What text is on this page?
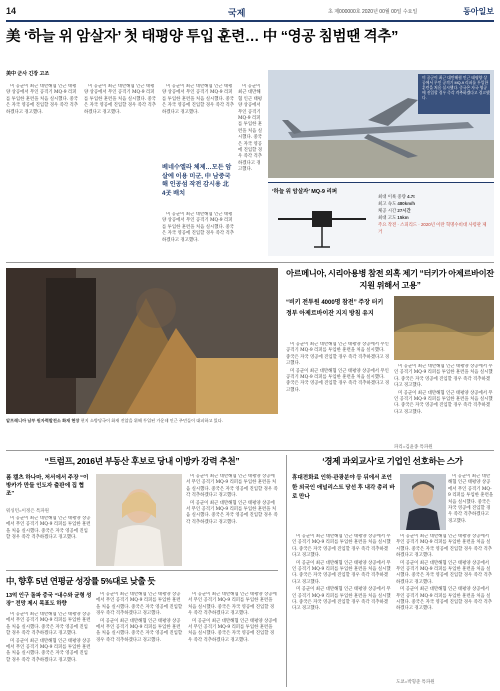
14	국제	초 제000000호 2020년 00월 00일 수요일	동아일보
美 ‘하늘 위 암살자’ 첫 태평양 투입 훈련… 中 “영공 침범땐 격추”
美中 군사 긴장 고조

미 공군이 최근 대만해협 인근 태평양 상공에서 무인 공격기 MQ-9 리퍼를 투입한 훈련을 처음 실시했다. 중국은 자국 영공에 진입할 경우 즉각 격추하겠다고 경고했다.

미 공군이 최근 대만해협 인근 태평양 상공에서 무인 공격기 MQ-9 리퍼를 투입한 훈련을 처음 실시했다. 중국은 자국 영공에 진입할 경우 즉각 격추하겠다고 경고했다.

미 공군이 최근 대만해협 인근 태평양 상공에서 무인 공격기 MQ-9 리퍼를 투입한 훈련을 처음 실시했다. 중국은 자국 영공에 진입할 경우 즉각 격추하겠다고 경고했다.

베네수엘라 체제…모든 암살에 이용 미군, 中 남중국해 인공섬 작전 감시용 北 4곳 배치

미 공군이 최근 대만해협 인근 태평양 상공에서 무인 공격기 MQ-9 리퍼를 투입한 훈련을 처음 실시했다. 중국은 자국 영공에 진입할 경우 즉각 격추하겠다고 경고했다.

미 공군이 최근 대만해협 인근 태평양 상공에서 무인 공격기 MQ-9 리퍼를 투입한 훈련을 처음 실시했다. 중국은 자국 영공에 진입할 경우 즉각 격추하겠다고 경고했다.

미 공군이 최근 대만해협 인근 태평양 상공에서 무인 공격기 MQ-9 리퍼를 투입한 훈련을 처음 실시했다. 중국은 자국 영공에 진입할 경우 즉각 격추하겠다고 경고했다.
‘하늘 위 암살자’ MQ-9 리퍼
최대 이륙 중량 4.7t
최고 속도 480km/h
체공 시간 27시간
최대 고도 15km
주요 작전 · 스피리드 · 2020년 이란 혁명수비대 사령관 제거
알프레니아 남부 원자력발전소 화재 현장 현지 소방당국이 화재 진압을 위해 투입된 가운데 인근 주민들이 대피하고 있다.
아르메니아, 시리아용병 참전 의혹 제기 “터키가 아제르바이잔 지원 위해서 고용”
“비키 전투원 4000명 참전” 주장 터키 정부 아제르바이잔 지지 방침 유지

미 공군이 최근 대만해협 인근 태평양 상공에서 무인 공격기 MQ-9 리퍼를 투입한 훈련을 처음 실시했다. 중국은 자국 영공에 진입할 경우 즉각 격추하겠다고 경고했다.

미 공군이 최근 대만해협 인근 태평양 상공에서 무인 공격기 MQ-9 리퍼를 투입한 훈련을 처음 실시했다. 중국은 자국 영공에 진입할 경우 즉각 격추하겠다고 경고했다.

미 공군이 최근 대만해협 인근 태평양 상공에서 무인 공격기 MQ-9 리퍼를 투입한 훈련을 처음 실시했다. 중국은 자국 영공에 진입할 경우 즉각 격추하겠다고 경고했다.

미 공군이 최근 대만해협 인근 태평양 상공에서 무인 공격기 MQ-9 리퍼를 투입한 훈련을 처음 실시했다. 중국은 자국 영공에 진입할 경우 즉각 격추하겠다고 경고했다.

파리=김윤종 특파원
“트럼프, 2016년 부동산 후보로 당내 이방카 강력 추천”
폼 캘츠 하나마, 저서에서 주장 “이방카가 만들 인도자 출판에 집 협조”
워싱턴=이정은 특파원

미 공군이 최근 대만해협 인근 태평양 상공에서 무인 공격기 MQ-9 리퍼를 투입한 훈련을 처음 실시했다. 중국은 자국 영공에 진입할 경우 즉각 격추하겠다고 경고했다.

미 공군이 최근 대만해협 인근 태평양 상공에서 무인 공격기 MQ-9 리퍼를 투입한 훈련을 처음 실시했다. 중국은 자국 영공에 진입할 경우 즉각 격추하겠다고 경고했다.

미 공군이 최근 대만해협 인근 태평양 상공에서 무인 공격기 MQ-9 리퍼를 투입한 훈련을 처음 실시했다. 중국은 자국 영공에 진입할 경우 즉각 격추하겠다고 경고했다.

中, 향후 5년 연평균 성장률 5%대로 낮출 듯
13억 인구 돌파 중국 “내수와 균형 성장” 전망 제시 목표도 하향

미 공군이 최근 대만해협 인근 태평양 상공에서 무인 공격기 MQ-9 리퍼를 투입한 훈련을 처음 실시했다. 중국은 자국 영공에 진입할 경우 즉각 격추하겠다고 경고했다.

미 공군이 최근 대만해협 인근 태평양 상공에서 무인 공격기 MQ-9 리퍼를 투입한 훈련을 처음 실시했다. 중국은 자국 영공에 진입할 경우 즉각 격추하겠다고 경고했다.

미 공군이 최근 대만해협 인근 태평양 상공에서 무인 공격기 MQ-9 리퍼를 투입한 훈련을 처음 실시했다. 중국은 자국 영공에 진입할 경우 즉각 격추하겠다고 경고했다.

미 공군이 최근 대만해협 인근 태평양 상공에서 무인 공격기 MQ-9 리퍼를 투입한 훈련을 처음 실시했다. 중국은 자국 영공에 진입할 경우 즉각 격추하겠다고 경고했다.

미 공군이 최근 대만해협 인근 태평양 상공에서 무인 공격기 MQ-9 리퍼를 투입한 훈련을 처음 실시했다. 중국은 자국 영공에 진입할 경우 즉각 격추하겠다고 경고했다.

미 공군이 최근 대만해협 인근 태평양 상공에서 무인 공격기 MQ-9 리퍼를 투입한 훈련을 처음 실시했다. 중국은 자국 영공에 진입할 경우 즉각 격추하겠다고 경고했다.

‘경제 과외교사’로 기업인 선호하는 스가
휴대전화료 인하·관광분야 등 뒤에서 조언한 외국인 애널리스트 당선 후 내각 총리 바로 만나

미 공군이 최근 대만해협 인근 태평양 상공에서 무인 공격기 MQ-9 리퍼를 투입한 훈련을 처음 실시했다. 중국은 자국 영공에 진입할 경우 즉각 격추하겠다고 경고했다.

미 공군이 최근 대만해협 인근 태평양 상공에서 무인 공격기 MQ-9 리퍼를 투입한 훈련을 처음 실시했다. 중국은 자국 영공에 진입할 경우 즉각 격추하겠다고 경고했다.

미 공군이 최근 대만해협 인근 태평양 상공에서 무인 공격기 MQ-9 리퍼를 투입한 훈련을 처음 실시했다. 중국은 자국 영공에 진입할 경우 즉각 격추하겠다고 경고했다.

미 공군이 최근 대만해협 인근 태평양 상공에서 무인 공격기 MQ-9 리퍼를 투입한 훈련을 처음 실시했다. 중국은 자국 영공에 진입할 경우 즉각 격추하겠다고 경고했다.

미 공군이 최근 대만해협 인근 태평양 상공에서 무인 공격기 MQ-9 리퍼를 투입한 훈련을 처음 실시했다. 중국은 자국 영공에 진입할 경우 즉각 격추하겠다고 경고했다.

미 공군이 최근 대만해협 인근 태평양 상공에서 무인 공격기 MQ-9 리퍼를 투입한 훈련을 처음 실시했다. 중국은 자국 영공에 진입할 경우 즉각 격추하겠다고 경고했다.

미 공군이 최근 대만해협 인근 태평양 상공에서 무인 공격기 MQ-9 리퍼를 투입한 훈련을 처음 실시했다. 중국은 자국 영공에 진입할 경우 즉각 격추하겠다고 경고했다.

도쿄=박형준 특파원
